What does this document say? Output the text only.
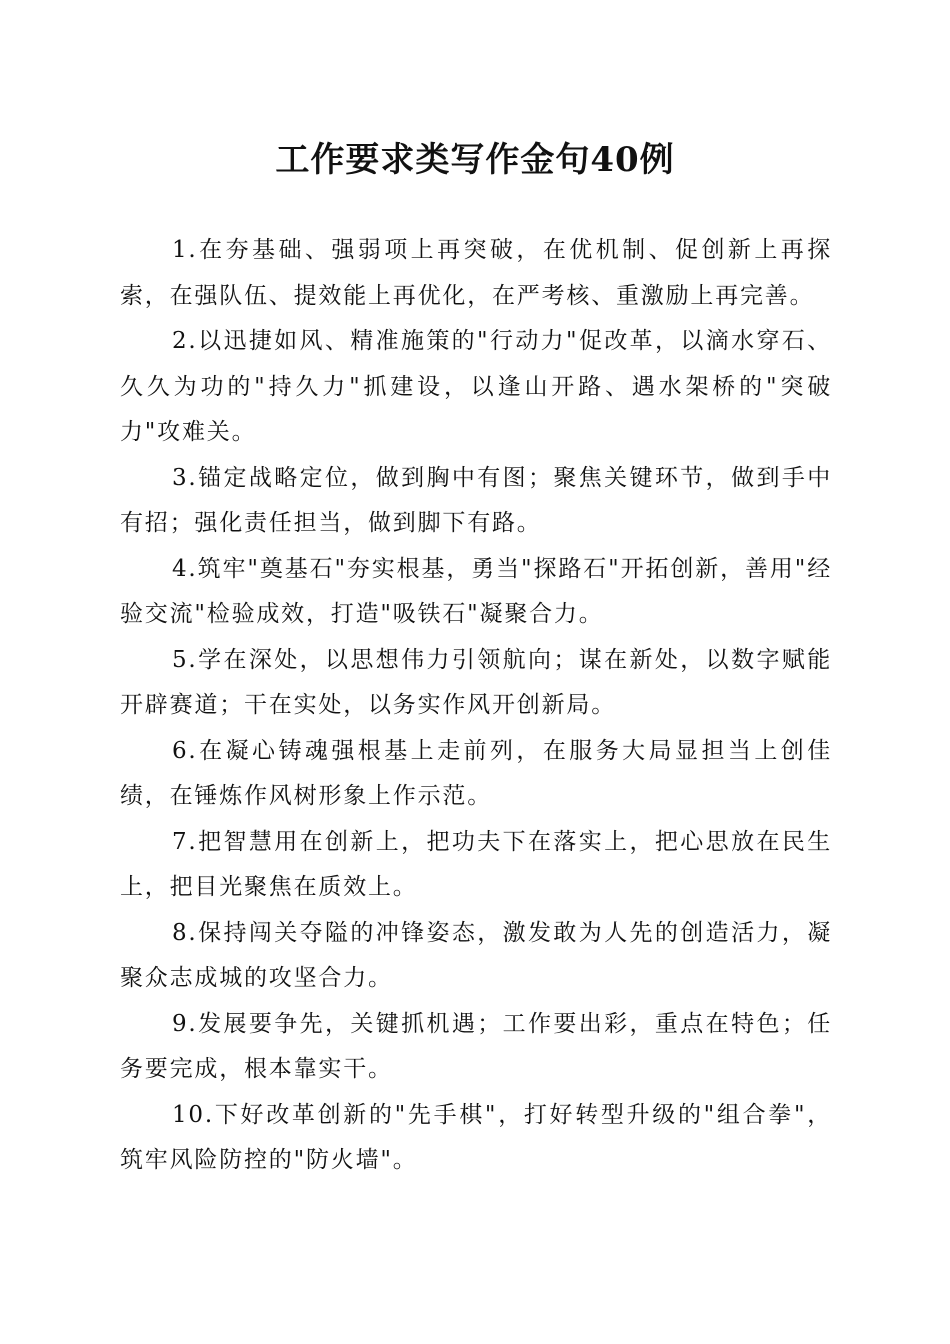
工作要求类写作金句40例

1.在夯基础、强弱项上再突破，在优机制、促创新上再探索，在强队伍、提效能上再优化，在严考核、重激励上再完善。

2.以迅捷如风、精准施策的"行动力"促改革，以滴水穿石、久久为功的"持久力"抓建设，以逢山开路、遇水架桥的"突破力"攻难关。

3.锚定战略定位，做到胸中有图；聚焦关键环节，做到手中有招；强化责任担当，做到脚下有路。

4.筑牢"奠基石"夯实根基，勇当"探路石"开拓创新，善用"经验交流"检验成效，打造"吸铁石"凝聚合力。

5.学在深处，以思想伟力引领航向；谋在新处，以数字赋能开辟赛道；干在实处，以务实作风开创新局。

6.在凝心铸魂强根基上走前列，在服务大局显担当上创佳绩，在锤炼作风树形象上作示范。

7.把智慧用在创新上，把功夫下在落实上，把心思放在民生上，把目光聚焦在质效上。

8.保持闯关夺隘的冲锋姿态，激发敢为人先的创造活力，凝聚众志成城的攻坚合力。

9.发展要争先，关键抓机遇；工作要出彩，重点在特色；任务要完成，根本靠实干。

10.下好改革创新的"先手棋"，打好转型升级的"组合拳"，筑牢风险防控的"防火墙"。
